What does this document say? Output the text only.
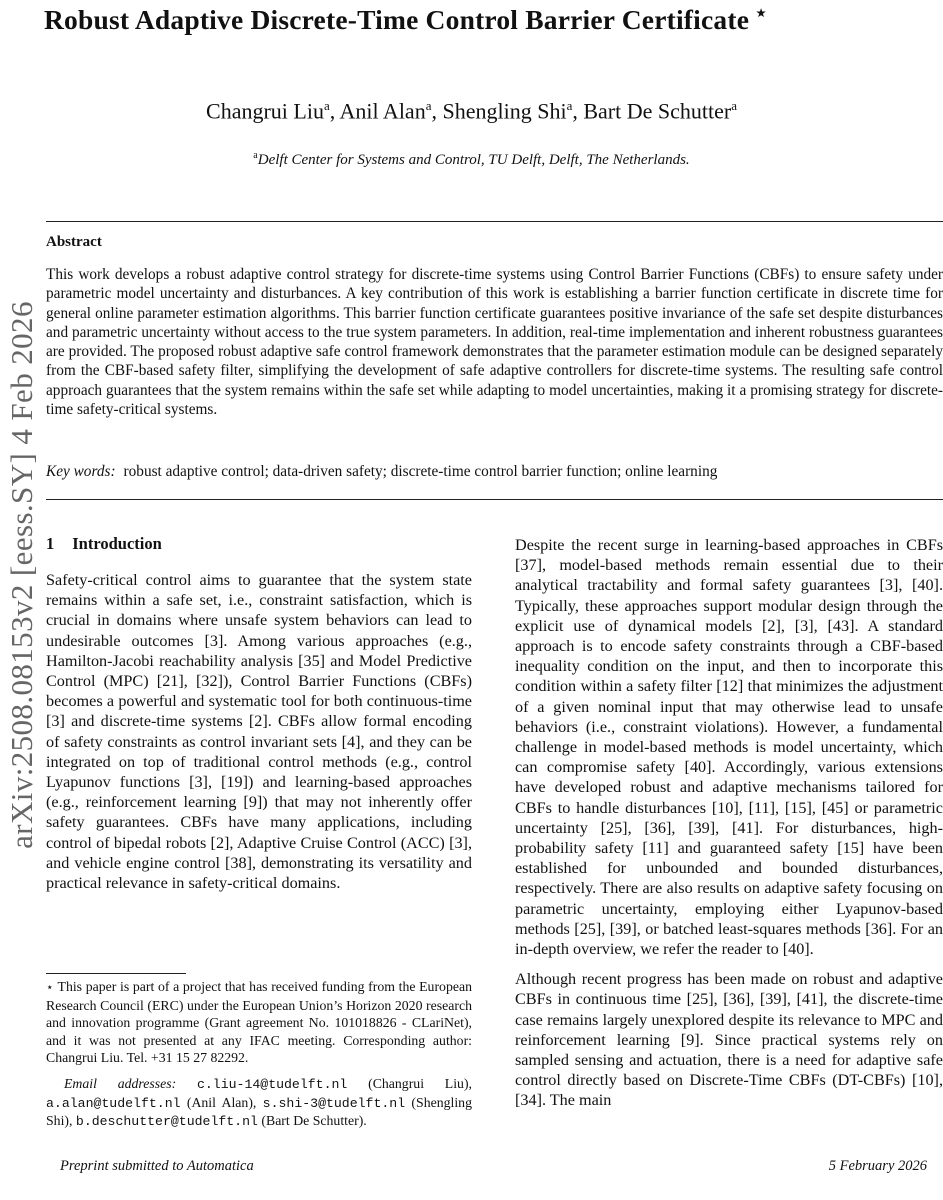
arXiv:2508.08153v2 [eess.SY] 4 Feb 2026
Robust Adaptive Discrete-Time Control Barrier Certificate ⋆
Changrui Liu$^a$, Anil Alan$^a$, Shengling Shi$^a$, Bart De Schutter$^a$
$^a$Delft Center for Systems and Control, TU Delft, Delft, The Netherlands.
Abstract
This work develops a robust adaptive control strategy for discrete-time systems using Control Barrier Functions (CBFs) to ensure safety under parametric model uncertainty and disturbances. A key contribution of this work is establishing a barrier function certificate in discrete time for general online parameter estimation algorithms. This barrier function certificate guarantees positive invariance of the safe set despite disturbances and parametric uncertainty without access to the true system parameters. In addition, real-time implementation and inherent robustness guarantees are provided. The proposed robust adaptive safe control framework demonstrates that the parameter estimation module can be designed separately from the CBF-based safety filter, simplifying the development of safe adaptive controllers for discrete-time systems. The resulting safe control approach guarantees that the system remains within the safe set while adapting to model uncertainties, making it a promising strategy for discrete-time safety-critical systems.
Key words: robust adaptive control; data-driven safety; discrete-time control barrier function; online learning
1 Introduction

Safety-critical control aims to guarantee that the system state remains within a safe set, i.e., constraint satisfaction, which is crucial in domains where unsafe system behaviors can lead to undesirable outcomes [3]. Among various approaches (e.g., Hamilton-Jacobi reachability analysis [35] and Model Predictive Control (MPC) [21], [32]), Control Barrier Functions (CBFs) becomes a powerful and systematic tool for both continuous-time [3] and discrete-time systems [2]. CBFs allow formal encoding of safety constraints as control invariant sets [4], and they can be integrated on top of traditional control methods (e.g., control Lyapunov functions [3], [19]) and learning-based approaches (e.g., reinforcement learning [9]) that may not inherently offer safety guarantees. CBFs have many applications, including control of bipedal robots [2], Adaptive Cruise Control (ACC) [3], and vehicle engine control [38], demonstrating its versatility and practical relevance in safety-critical domains.

Despite the recent surge in learning-based approaches in CBFs [37], model-based methods remain essential due to their analytical tractability and formal safety guarantees [3], [40]. Typically, these approaches support modular design through the explicit use of dynamical models [2], [3], [43]. A standard approach is to encode safety constraints through a CBF-based inequality condition on the input, and then to incorporate this condition within a safety filter [12] that minimizes the adjustment of a given nominal input that may otherwise lead to unsafe behaviors (i.e., constraint violations). However, a fundamental challenge in model-based methods is model uncertainty, which can compromise safety [40]. Accordingly, various extensions have developed robust and adaptive mechanisms tailored for CBFs to handle disturbances [10], [11], [15], [45] or parametric uncertainty [25], [36], [39], [41]. For disturbances, high-probability safety [11] and guaranteed safety [15] have been established for unbounded and bounded disturbances, respectively. There are also results on adaptive safety focusing on parametric uncertainty, employing either Lyapunov-based methods [25], [39], or batched least-squares methods [36]. For an in-depth overview, we refer the reader to [40].

Although recent progress has been made on robust and adaptive CBFs in continuous time [25], [36], [39], [41], the discrete-time case remains largely unexplored despite its relevance to MPC and reinforcement learning [9]. Since practical systems rely on sampled sensing and actuation, there is a need for adaptive safe control directly based on Discrete-Time CBFs (DT-CBFs) [10], [34]. The main

⋆ This paper is part of a project that has received funding from the European Research Council (ERC) under the European Union’s Horizon 2020 research and innovation programme (Grant agreement No. 101018826 - CLariNet), and it was not presented at any IFAC meeting. Corresponding author: Changrui Liu. Tel. +31 15 27 82292.

Email addresses: c.liu-14@tudelft.nl (Changrui Liu), a.alan@tudelft.nl (Anil Alan), s.shi-3@tudelft.nl (Shengling Shi), b.deschutter@tudelft.nl (Bart De Schutter).

Preprint submitted to Automatica	5 February 2026
